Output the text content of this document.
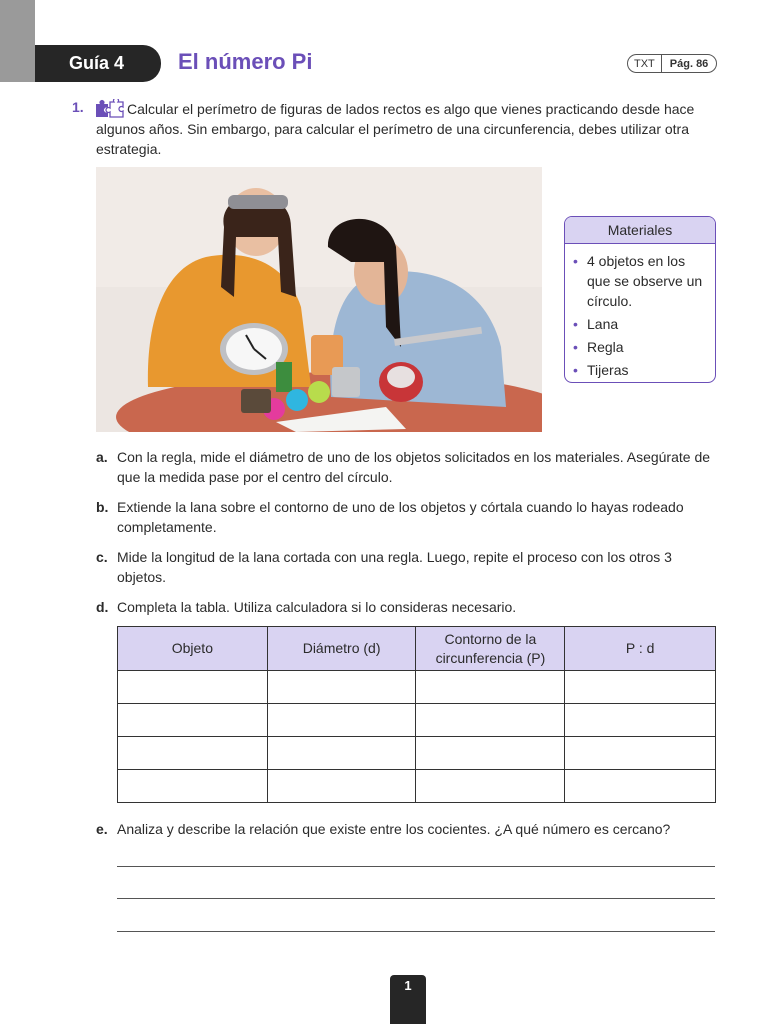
Guía 4	El número Pi	TXT	Pág. 86
1.	Calcular el perímetro de figuras de lados rectos es algo que vienes practicando desde hace algunos años. Sin embargo, para calcular el perímetro de una circunferencia, debes utilizar otra estrategia.

Materiales
• 4 objetos en los que se observe un círculo.
• Lana
• Regla
• Tijeras
a. Con la regla, mide el diámetro de uno de los objetos solicitados en los materiales. Asegúrate de que la medida pase por el centro del círculo.
b. Extiende la lana sobre el contorno de uno de los objetos y córtala cuando lo hayas rodeado completamente.
c. Mide la longitud de la lana cortada con una regla. Luego, repite el proceso con los otros 3 objetos.
d. Completa la tabla. Utiliza calculadora si lo consideras necesario.
Objeto	Diámetro (d)	Contorno de la circunferencia (P)	P : d

e. Analiza y describe la relación que existe entre los cocientes. ¿A qué número es cercano?
1
